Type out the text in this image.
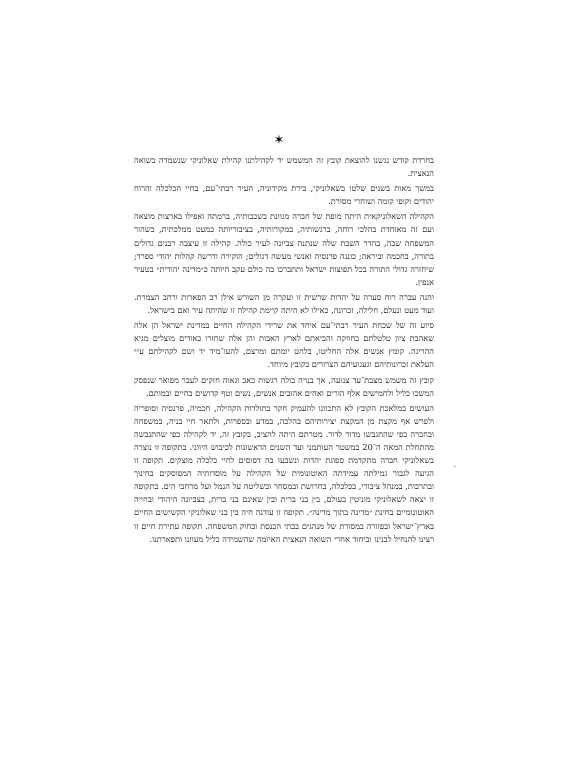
✶

בחרדת קודש נגשנו להוצאת קובץ זה המשמש יד לקהילתנו קהילת שאלוניקי שנשמדה בשואה הנאצית.

במשך מאות בשנים שלטו בשאלוניקי, בירת מקידוניה, העיר רבתי־עם, בחיי הכלכלה והרוח יהודים וקופי קומה ושוחרי מסורת.

הקהילה השאלוניקאית היתה מופת של חברה מגוונת בשכבותיה, ברמתה ואפילו בארצות מוצאה ועם זה מאוחדת בהלכי רוחה, ברגשותיה, במקורותיה, בציבוריותה כמעט ממלכתית, כשהור המשפחה שבה, בהדר השבת שלה שנתנה צביונה לעיר כולה. קהילה זו עיצבה רבנים גדולים בתורה, בחכמה וביראה; כוננה פרנסיה ואנשי מעשה דגולים; הוקירה ודרשה קהלות יהודי ספרד; שיחזרה גדולי התורה בכל תפוצות ישראל ותתברכו בה כולם עקב היותה כ״מדינה יהודית״ בטעיר אנפין.

והנה עברה רוח סערה על יהדות שרשית זו ועקרה מן השורש אילן רב הפארות ורחב הצמרת. ועוד מעט ונעלם, חלילה, זכרונה, כאילו לא היתה קיימת קהילה זו שהיתה עיר ואם בישראל.

סיוע זה של שכחת העיר רבתי־עם איחד את שרידי הקהילה החיים במדינת ישראל הן אלה שאהבת ציון טלטלתם בחוזקה והביאתם לארץ האבות והן אלה שחזרו כאודים מוצלים מגיא ההריגה. קומץ אנשים אלה החליטו, בלהט יומתם ומרצם, להעו־מיד יד ושם לקהילתם ע״י העלאת זכרונותיהם וגעגועיהם הצרורים בקובץ מיוחד.

קובץ זה משמש מצבת־עד צנועה, אך בנויה כולה רגשות כאב וגאוה חזקים לעבר מפואר שנפסק המשכו כליל ולחמישים אלף הורים ואחים אהובים אנשים, נשים וטף קדושים בחיים ובמותם.

העושים במלאכת הקובץ לא התכוונו להעמיק חקר בתולדות הקהילה, חכמיה, פרנסיה וסופריה ולפרש אף מקצת מן המקצת יצירותיהם בהלכה, במדע ובספרות, ולתאר חיי בניה, במשפחה ובחברה כפי שהתגבשו מדור לדור. מטרתם היתה להציב, בקובץ זה, יד לקהילה כפי שהתגבשה מהתחלת המאה ה־20 במשטר העותמני ועד השנים הראשונות לכיבוש היווני. בתקופה זו נוצרה בשאלוניקי חברה מתקדמת ספוגת יהדות ונשבעו בה דפוסים לחיי כלכלה מוצקים. תקופה זו הגיעה לגבור גמילתה עמידתה האוטונומית של הקהילה על מוסדותיה המפוסקים בחינוך ובתרבות, במנהל ציבורי, בכלכלה, בחרושת ובמסחר ובשליטה על הנמל ועל מרחבי הים. בתקופה זו יצאה לשאלוניקי מוניטין בעולם, בין בני ברית ובין שאינם בני ברית, בצביונה היהודי ובחייה האוטונומיים בחינת ״מדינה בתוך מדינה״. תקופה זו עודנה חיה בין בני שאלוניקי הקשישים החיים בארץ־ישראל ובפזורה במסורת של מנהגים בבתי הכנסת ובחוק המשפחה. תקופה עתירת חיים זו רצינו להנחיל לבנינו וביחוד אחרי השואה הנאצית האיומה שהשמידה כליל מעוזנו ותפארתנו.

´
